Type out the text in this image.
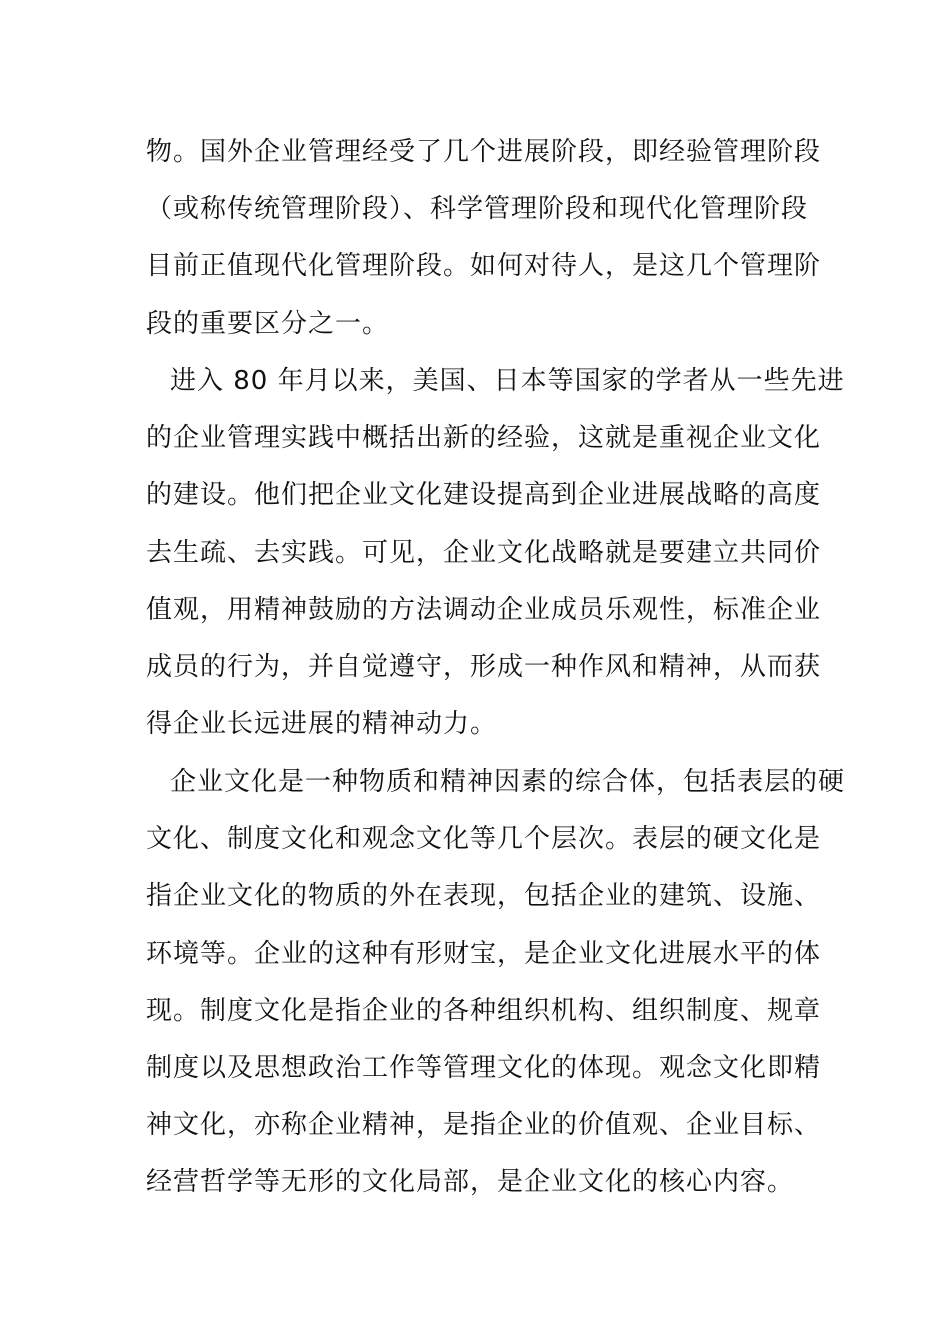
物。国外企业管理经受了几个进展阶段，即经验管理阶段
（或称传统管理阶段）、科学管理阶段和现代化管理阶段
目前正值现代化管理阶段。如何对待人，是这几个管理阶
段的重要区分之一。
进入 80 年月以来，美国、日本等国家的学者从一些先进
的企业管理实践中概括出新的经验，这就是重视企业文化
的建设。他们把企业文化建设提高到企业进展战略的高度
去生疏、去实践。可见，企业文化战略就是要建立共同价
值观，用精神鼓励的方法调动企业成员乐观性，标准企业
成员的行为，并自觉遵守，形成一种作风和精神，从而获
得企业长远进展的精神动力。
企业文化是一种物质和精神因素的综合体，包括表层的硬
文化、制度文化和观念文化等几个层次。表层的硬文化是
指企业文化的物质的外在表现，包括企业的建筑、设施、
环境等。企业的这种有形财宝，是企业文化进展水平的体
现。制度文化是指企业的各种组织机构、组织制度、规章
制度以及思想政治工作等管理文化的体现。观念文化即精
神文化，亦称企业精神，是指企业的价值观、企业目标、
经营哲学等无形的文化局部，是企业文化的核心内容。
